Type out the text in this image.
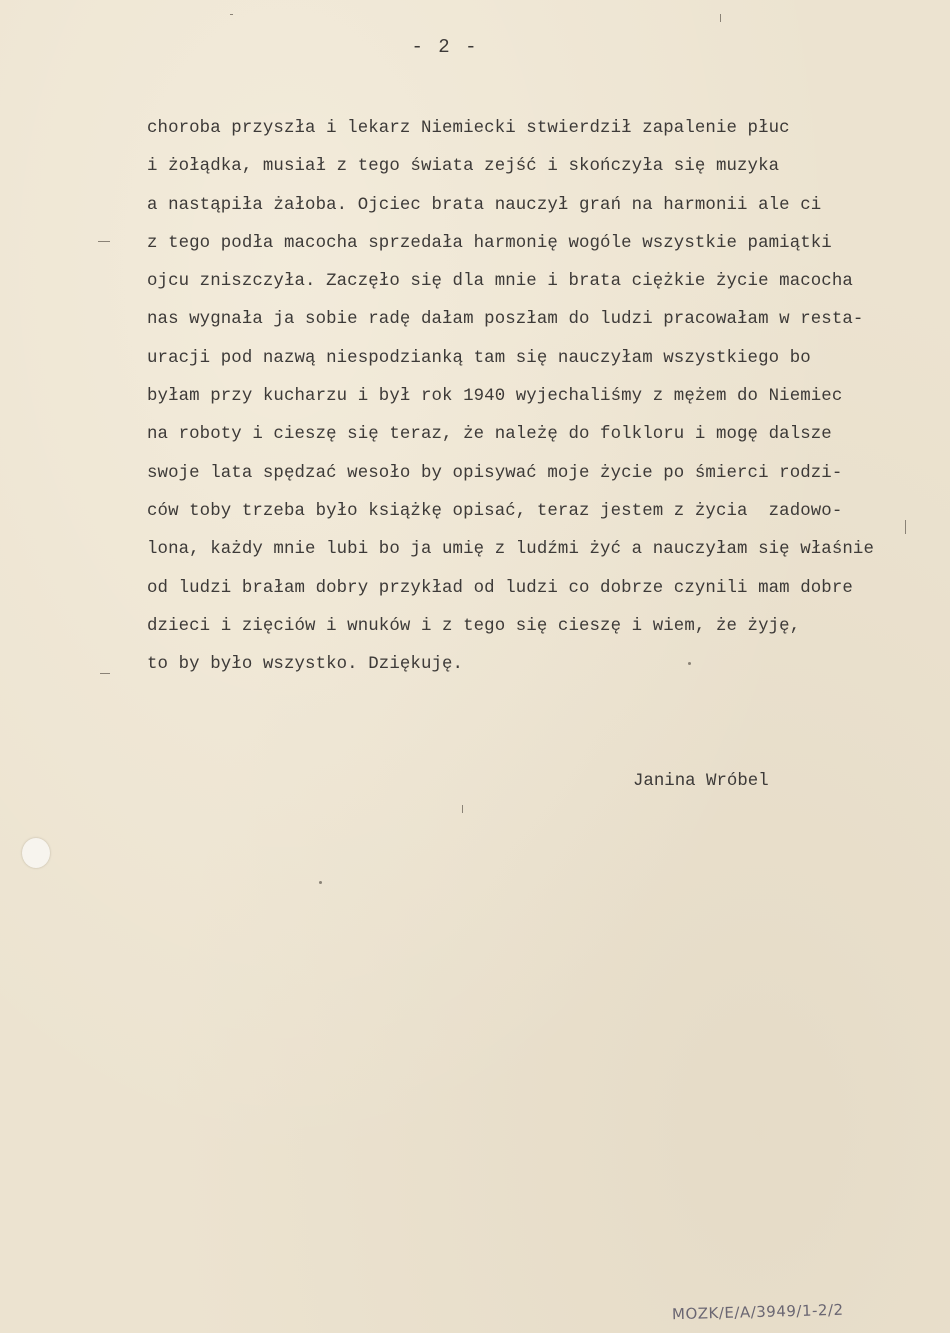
- 2 -
choroba przyszła i lekarz Niemiecki stwierdził zapalenie płuc
i żołądka, musiał z tego świata zejść i skończyła się muzyka
a nastąpiła żałoba. Ojciec brata nauczył grań na harmonii ale ci
z tego podła macocha sprzedała harmonię wogóle wszystkie pamiątki
ojcu zniszczyła. Zaczęło się dla mnie i brata ciężkie życie macocha
nas wygnała ja sobie radę dałam poszłam do ludzi pracowałam w resta-
uracji pod nazwą niespodzianką tam się nauczyłam wszystkiego bo
byłam przy kucharzu i był rok 1940 wyjechaliśmy z mężem do Niemiec
na roboty i cieszę się teraz, że należę do folkloru i mogę dalsze
swoje lata spędzać wesoło by opisywać moje życie po śmierci rodzi-
ców toby trzeba było książkę opisać, teraz jestem z życia  zadowo-
lona, każdy mnie lubi bo ja umię z ludźmi żyć a nauczyłam się właśnie
od ludzi brałam dobry przykład od ludzi co dobrze czynili mam dobre
dzieci i zięciów i wnuków i z tego się cieszę i wiem, że żyję,
to by było wszystko. Dziękuję.
Janina Wróbel
MOZK/E/A/3949/1-2/2
